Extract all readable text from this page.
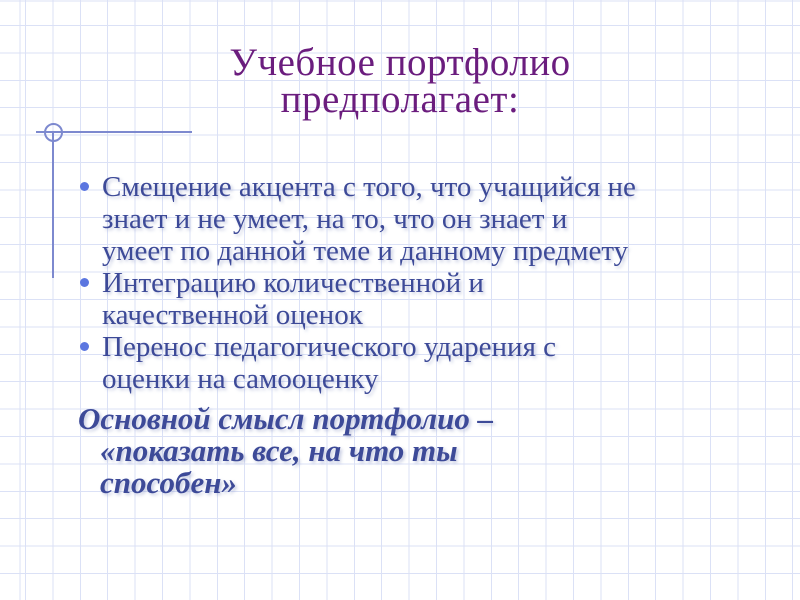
Учебное портфолио
предполагает:
Смещение акцента с того, что учащийся не
знает и не умеет, на то, что он знает и
умеет по данной теме и данному предмету
Интеграцию количественной и
качественной оценок
Перенос педагогического ударения с
оценки на самооценку

Основной смысл портфолио –
«показать все, на что ты
способен»
